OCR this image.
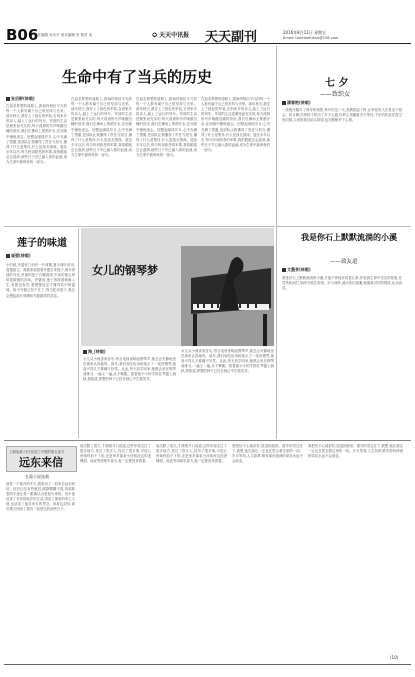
B06
责任编辑 吴永平 美术编辑 安 校对 吴	✪ 天天中讯报 天天副刊	2016年8月11日 星期五
Email: tiantianfukan@126.com
生命中有了当兵的历史
张后野(转载)
在追求梦想的道路上,我始终相信平凡的每一个人都有属于自己的坚持与光荣。那年秋天,我穿上了绿色的军装,告别家乡的亲人,踏上了远行的列车。军营的生活是紧张而充实的,每天清晨的号声唤醒沉睡的营房,我们在操场上挥洒汗水,在训练中锤炼意志。回想起那段岁月,心中充满了感激,是部队让我懂得了责任与担当,懂得了什么是集体,什么是战友情深。退伍多年以后,每当听到熟悉的军歌,我的眼眶总会湿润,那些日子早已融入我的血液,成为生命中最珍贵的一部分。
在追求梦想的道路上,我始终相信平凡的每一个人都有属于自己的坚持与光荣。那年秋天,我穿上了绿色的军装,告别家乡的亲人,踏上了远行的列车。军营的生活是紧张而充实的,每天清晨的号声唤醒沉睡的营房,我们在操场上挥洒汗水,在训练中锤炼意志。回想起那段岁月,心中充满了感激,是部队让我懂得了责任与担当,懂得了什么是集体,什么是战友情深。退伍多年以后,每当听到熟悉的军歌,我的眼眶总会湿润,那些日子早已融入我的血液,成为生命中最珍贵的一部分。
在追求梦想的道路上,我始终相信平凡的每一个人都有属于自己的坚持与光荣。那年秋天,我穿上了绿色的军装,告别家乡的亲人,踏上了远行的列车。军营的生活是紧张而充实的,每天清晨的号声唤醒沉睡的营房,我们在操场上挥洒汗水,在训练中锤炼意志。回想起那段岁月,心中充满了感激,是部队让我懂得了责任与担当,懂得了什么是集体,什么是战友情深。退伍多年以后,每当听到熟悉的军歌,我的眼眶总会湿润,那些日子早已融入我的血液,成为生命中最珍贵的一部分。
在追求梦想的道路上,我始终相信平凡的每一个人都有属于自己的坚持与光荣。那年秋天,我穿上了绿色的军装,告别家乡的亲人,踏上了远行的列车。军营的生活是紧张而充实的,每天清晨的号声唤醒沉睡的营房,我们在操场上挥洒汗水,在训练中锤炼意志。回想起那段岁月,心中充满了感激,是部队让我懂得了责任与担当,懂得了什么是集体,什么是战友情深。退伍多年以后,每当听到熟悉的军歌,我的眼眶总会湿润,那些日子早已融入我的血液,成为生命中最珍贵的一部分。
七 夕
——致织女
潘春艳(转载)
一条银河隔开了两岸的相思,每年的这一天,喜鹊搭起了桥,让牵挂的人在星光下相会。织女啊,你的梭子织出了多少云霞,你的心里藏着多少等待,千年的传说在夜空里闪烁,人间的我们抬头仰望,也在默默许下心愿。
莲子的味道
崔强(转载)
小时候,外婆家门前有一片荷塘,夏天荷叶田田,莲蓬挺立。我最喜欢跟着外婆去采莲子,剥开青绿的外壳,里面的莲子白嫩清甜,中间的莲心却带着微微的苦味。外婆说,莲子的味道就像人生,有甜也有苦,要慢慢品尝才懂得其中的滋味。如今外婆已经不在了,每当吃到莲子,我总会想起那片荷塘和外婆慈祥的笑容。
女儿的钢琴梦
海_(转载)
女儿从小就喜欢音乐,每当电视里响起钢琴声,她总会安静地坐在那里认真地听。那年,我们省吃俭用给她买了一架旧钢琴,她高兴得几天都睡不好觉。从此,每天放学回家,她都会坐在钢琴前练习,一遍又一遍,从不喊累。看着她小小的手指在琴键上跳跃,我知道,梦想的种子已经在她心中生根发芽。
女儿从小就喜欢音乐,每当电视里响起钢琴声,她总会安静地坐在那里认真地听。那年,我们省吃俭用给她买了一架旧钢琴,她高兴得几天都睡不好觉。从此,每天放学回家,她都会坐在钢琴前练习,一遍又一遍,从不喊累。看着她小小的手指在琴键上跳跃,我知道,梦想的种子已经在她心中生根发芽。
我是你石上默默流淌的小溪
——致友道
文墨茶(转载)
我是你石上默默流淌的小溪,日夜不停地诉说着心事,你是我生命中坚实的依靠,任凭风吹雨打,始终守候在那里。岁月流转,溪水依旧清澈,就像我对你的情谊,从未改变。
上期连载:马氏传说之中国的第五部分
远东来信
长篇小说选载
那是一个寒冷的冬天,我收到了一封来自远东的信。信封已经有些破旧,邮戳模糊不清,但那熟悉的字迹让我一眼就认出是他写来的。信中他讲述了在异国他乡的生活,讲述了那里的风土人情,也讲述了他对家乡的思念。读着这封信,我仿佛又回到了我们一起度过的那些日子。
他沉默了很久,才缓缓开口说道,这些年他走过了很多地方,见过了很多人,经历了很多事,可是心里始终放不下的,还是家乡那条小河和河边的老槐树。他说等到明年春天,他一定要回来看看。
他沉默了很久,才缓缓开口说道,这些年他走过了很多地方,见过了很多人,经历了很多事,可是心里始终放不下的,还是家乡那条小河和河边的老槐树。他说等到明年春天,他一定要回来看看。
我把信小心地折好,放进抽屉里。窗外的雪还在下,我想,他在那边一定也在思念着这里的一切。岁月匆匆,人生如梦,唯有那份深深的牵挂永远不会改变。
我把信小心地折好,放进抽屉里。窗外的雪还在下,我想,他在那边一定也在思念着这里的一切。岁月匆匆,人生如梦,唯有那份深深的牵挂永远不会改变。
(10)
